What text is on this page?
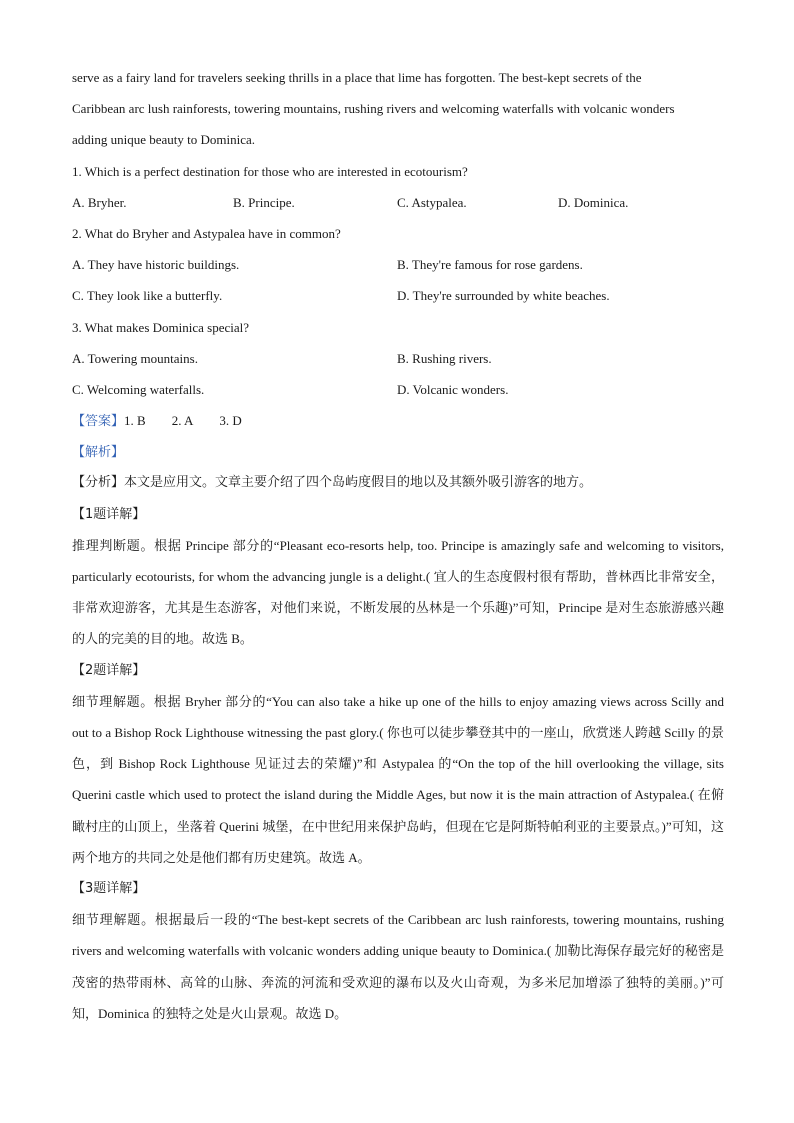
serve as a fairy land for travelers seeking thrills in a place that lime has forgotten. The best-kept secrets of the
Caribbean arc lush rainforests, towering mountains, rushing rivers and welcoming waterfalls with volcanic wonders
adding unique beauty to Dominica.
1. Which is a perfect destination for those who are interested in ecotourism?
A. Bryher.	B. Principe.	C. Astypalea.	D. Dominica.
2. What do Bryher and Astypalea have in common?
A. They have historic buildings.	B. They're famous for rose gardens.
C. They look like a butterfly.	D. They're surrounded by white beaches.
3. What makes Dominica special?
A. Towering mountains.	B. Rushing rivers.
C. Welcoming waterfalls.	D. Volcanic wonders.
【答案】1. B 2. A 3. D
【解析】
【分析】本文是应用文。文章主要介绍了四个岛屿度假目的地以及其额外吸引游客的地方。
【1题详解】
推理判断题。根据 Principe 部分的“Pleasant eco-resorts help, too. Principe is amazingly safe and welcoming to visitors, particularly ecotourists, for whom the advancing jungle is a delight.( 宜人的生态度假村很有帮助，普林西比非常安全，非常欢迎游客，尤其是生态游客，对他们来说，不断发展的丛林是一个乐趣)”可知，Principe 是对生态旅游感兴趣的人的完美的目的地。故选 B。
【2题详解】
细节理解题。根据 Bryher 部分的“You can also take a hike up one of the hills to enjoy amazing views across Scilly and out to a Bishop Rock Lighthouse witnessing the past glory.( 你也可以徒步攀登其中的一座山，欣赏迷人跨越 Scilly 的景色，到 Bishop Rock Lighthouse 见证过去的荣耀)”和 Astypalea 的“On the top of the hill overlooking the village, sits Querini castle which used to protect the island during the Middle Ages, but now it is the main attraction of Astypalea.( 在俯瞰村庄的山顶上，坐落着 Querini 城堡，在中世纪用来保护岛屿，但现在它是阿斯特帕利亚的主要景点。)”可知，这两个地方的共同之处是他们都有历史建筑。故选 A。
【3题详解】
细节理解题。根据最后一段的“The best-kept secrets of the Caribbean arc lush rainforests, towering mountains, rushing rivers and welcoming waterfalls with volcanic wonders adding unique beauty to Dominica.( 加勒比海保存最完好的秘密是茂密的热带雨林、高耸的山脉、奔流的河流和受欢迎的瀑布以及火山奇观，为多米尼加增添了独特的美丽。)”可知，Dominica 的独特之处是火山景观。故选 D。
